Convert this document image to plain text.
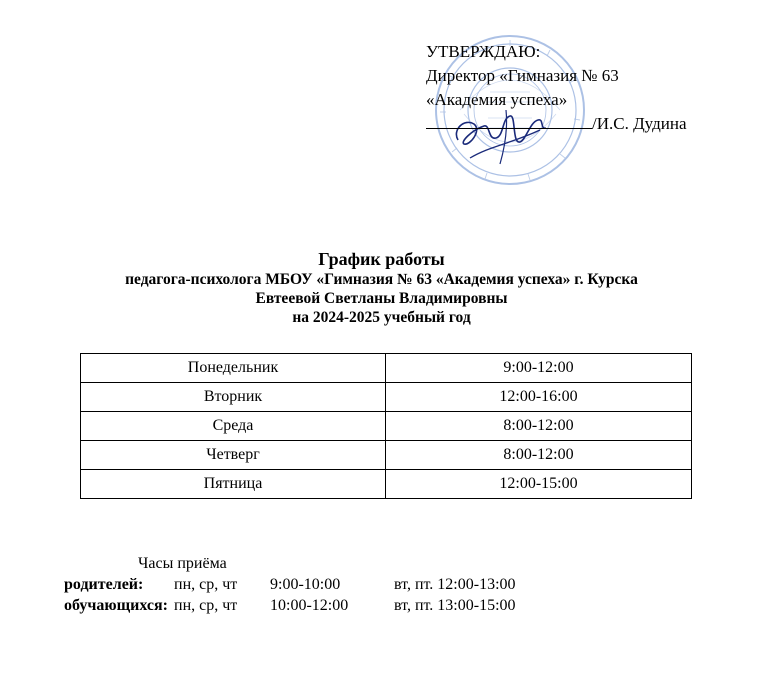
УТВЕРЖДАЮ:
Директор «Гимназия № 63
«Академия успеха»
/И.С. Дудина
График работы
педагога-психолога МБОУ «Гимназия № 63 «Академия успеха» г. Курска
Евтеевой Светланы Владимировны
на 2024-2025 учебный год
Понедельник	9:00-12:00
Вторник	12:00-16:00
Среда	8:00-12:00
Четверг	8:00-12:00
Пятница	12:00-15:00
Часы приёма
родителей: пн, ср, чт 9:00-10:00	вт, пт. 12:00-13:00
обучающихся: пн, ср, чт 10:00-12:00	вт, пт. 13:00-15:00
